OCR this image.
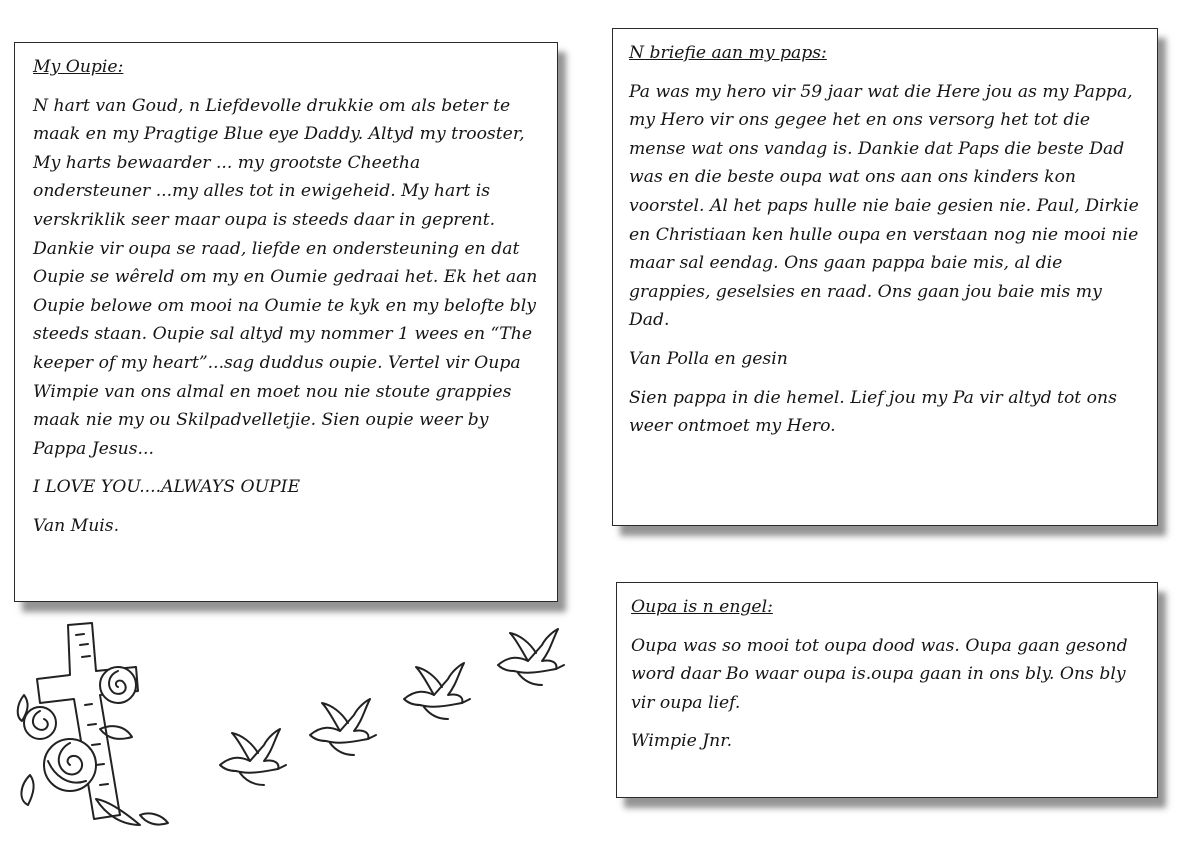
My Oupie:

N hart van Goud, n Liefdevolle drukkie om als beter te maak en my Pragtige Blue eye Daddy. Altyd my trooster, My harts bewaarder ... my grootste Cheetha ondersteuner ...my alles tot in ewigeheid. My hart is verskriklik seer maar oupa is steeds daar in geprent. Dankie vir oupa se raad, liefde en ondersteuning en dat Oupie se wêreld om my en Oumie gedraai het. Ek het aan Oupie belowe om mooi na Oumie te kyk en my belofte bly steeds staan. Oupie sal altyd my nommer 1 wees en “The keeper of my heart”...sag duddus oupie. Vertel vir Oupa Wimpie van ons almal en moet nou nie stoute grappies maak nie my ou Skilpadvelletjie. Sien oupie weer by Pappa Jesus...

I LOVE YOU....ALWAYS OUPIE

Van Muis.

N briefie aan my paps:

Pa was my hero vir 59 jaar wat die Here jou as my Pappa, my Hero vir ons gegee het en ons versorg het tot die mense wat ons vandag is. Dankie dat Paps die beste Dad was en die beste oupa wat ons aan ons kinders kon voorstel. Al het paps hulle nie baie gesien nie. Paul, Dirkie en Christiaan ken hulle oupa en verstaan nog nie mooi nie maar sal eendag. Ons gaan pappa baie mis, al die grappies, geselsies en raad. Ons gaan jou baie mis my Dad.

Van Polla en gesin

Sien pappa in die hemel. Lief jou my Pa vir altyd tot ons weer ontmoet my Hero.

Oupa is n engel:

Oupa was so mooi tot oupa dood was. Oupa gaan gesond word daar Bo waar oupa is.oupa gaan in ons bly. Ons bly vir oupa lief.

Wimpie Jnr.
